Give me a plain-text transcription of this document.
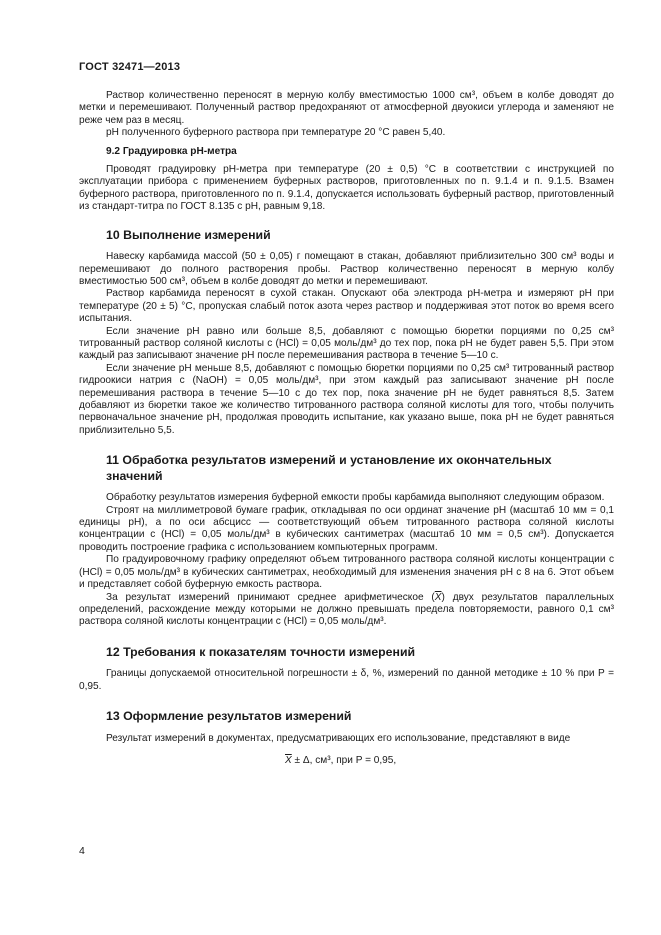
ГОСТ 32471—2013

Раствор количественно переносят в мерную колбу вместимостью 1000 см³, объем в колбе доводят до метки и перемешивают. Полученный раствор предохраняют от атмосферной двуокиси углерода и заменяют не реже чем раз в месяц.

рН полученного буферного раствора при температуре 20 °C равен 5,40.

9.2 Градуировка рН-метра

Проводят градуировку рН-метра при температуре (20 ± 0,5) °C в соответствии с инструкцией по эксплуатации прибора с применением буферных растворов, приготовленных по п. 9.1.4 и п. 9.1.5. Взамен буферного раствора, приготовленного по п. 9.1.4, допускается использовать буферный раствор, приготовленный из стандарт-титра по ГОСТ 8.135 с рН, равным 9,18.

10 Выполнение измерений

Навеску карбамида массой (50 ± 0,05) г помещают в стакан, добавляют приблизительно 300 см³ воды и перемешивают до полного растворения пробы. Раствор количественно переносят в мерную колбу вместимостью 500 см³, объем в колбе доводят до метки и перемешивают.

Раствор карбамида переносят в сухой стакан. Опускают оба электрода рН-метра и измеряют рН при температуре (20 ± 5) °C, пропуская слабый поток азота через раствор и поддерживая этот поток во время всего испытания.

Если значение рН равно или больше 8,5, добавляют с помощью бюретки порциями по 0,25 см³ титрованный раствор соляной кислоты с (HCl) = 0,05 моль/дм³ до тех пор, пока рН не будет равен 5,5. При этом каждый раз записывают значение рН после перемешивания раствора в течение 5—10 с.

Если значение рН меньше 8,5, добавляют с помощью бюретки порциями по 0,25 см³ титрованный раствор гидроокиси натрия с (NaOH) = 0,05 моль/дм³, при этом каждый раз записывают значение рН после перемешивания раствора в течение 5—10 с до тех пор, пока значение рН не будет равняться 8,5. Затем добавляют из бюретки такое же количество титрованного раствора соляной кислоты для того, чтобы получить первоначальное значение рН, продолжая проводить испытание, как указано выше, пока рН не будет равняться приблизительно 5,5.

11 Обработка результатов измерений и установление их окончательных

значений

Обработку результатов измерения буферной емкости пробы карбамида выполняют следующим образом.

Строят на миллиметровой бумаге график, откладывая по оси ординат значение рН (масштаб 10 мм = 0,1 единицы рН), а по оси абсцисс — соответствующий объем титрованного раствора соляной кислоты концентрации с (HCl) = 0,05 моль/дм³ в кубических сантиметрах (масштаб 10 мм = 0,5 см³). Допускается проводить построение графика с использованием компьютерных программ.

По градуировочному графику определяют объем титрованного раствора соляной кислоты концентрации с (HCl) = 0,05 моль/дм³ в кубических сантиметрах, необходимый для изменения значения рН с 8 на 6. Этот объем и представляет собой буферную емкость раствора.

За результат измерений принимают среднее арифметическое $(\overline{X})$ двух результатов параллельных определений, расхождение между которыми не должно превышать предела повторяемости, равного 0,1 см³ раствора соляной кислоты концентрации с (HCl) = 0,05 моль/дм³.

12 Требования к показателям точности измерений

Границы допускаемой относительной погрешности ± δ, %, измерений по данной методике ± 10 % при P = 0,95.

13 Оформление результатов измерений

Результат измерений в документах, предусматривающих его использование, представляют в виде

$\overline{X} \pm \Delta$, см³, при P = 0,95,

4
